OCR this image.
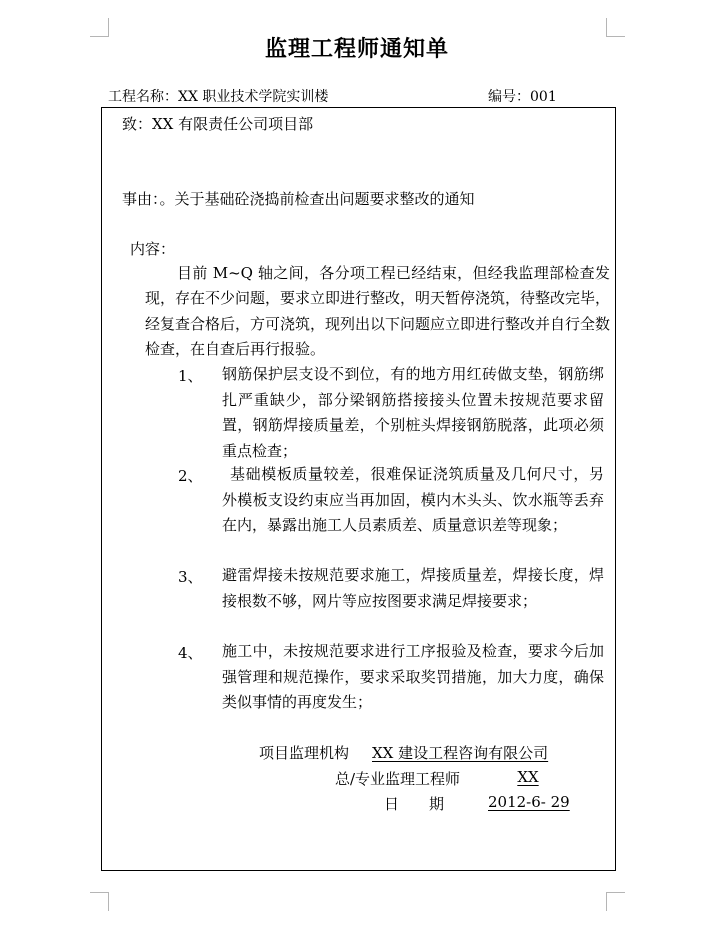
监理工程师通知单
工程名称：XX 职业技术学院实训楼	编号：001
致：XX 有限责任公司项目部
事由：。关于基础砼浇捣前检查出问题要求整改的通知
内容：
目前 M~Q 轴之间，各分项工程已经结束，但经我监理部检查发现，存在不少问题，要求立即进行整改，明天暂停浇筑，待整改完毕，经复查合格后，方可浇筑，现列出以下问题应立即进行整改并自行全数检查，在自查后再行报验。
1、 钢筋保护层支设不到位，有的地方用红砖做支垫，钢筋绑扎严重缺少，部分梁钢筋搭接接头位置未按规范要求留置，钢筋焊接质量差，个别桩头焊接钢筋脱落，此项必须重点检查；
2、	基础模板质量较差，很难保证浇筑质量及几何尺寸，另外模板支设约束应当再加固，模内木头头、饮水瓶等丢弃在内，暴露出施工人员素质差、质量意识差等现象；
3、 避雷焊接未按规范要求施工，焊接质量差，焊接长度，焊接根数不够，网片等应按图要求满足焊接要求；
4、 施工中，未按规范要求进行工序报验及检查，要求今后加强管理和规范操作，要求采取奖罚措施，加大力度，确保类似事情的再度发生；
项目监理机构 XX 建设工程咨询有限公司
总/专业监理工程师	XX
日　　期	2012-6- 29
